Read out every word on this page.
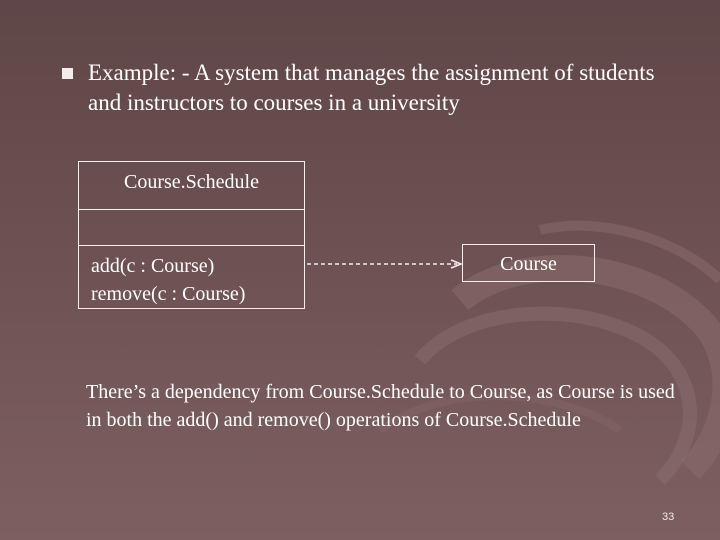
Example: - A system that manages the assignment of students and instructors to courses in a university
Course.Schedule
add(c : Course)
remove(c : Course)
Course
There’s a dependency from Course.Schedule to Course, as Course is used in both the add() and remove() operations of Course.Schedule
33
